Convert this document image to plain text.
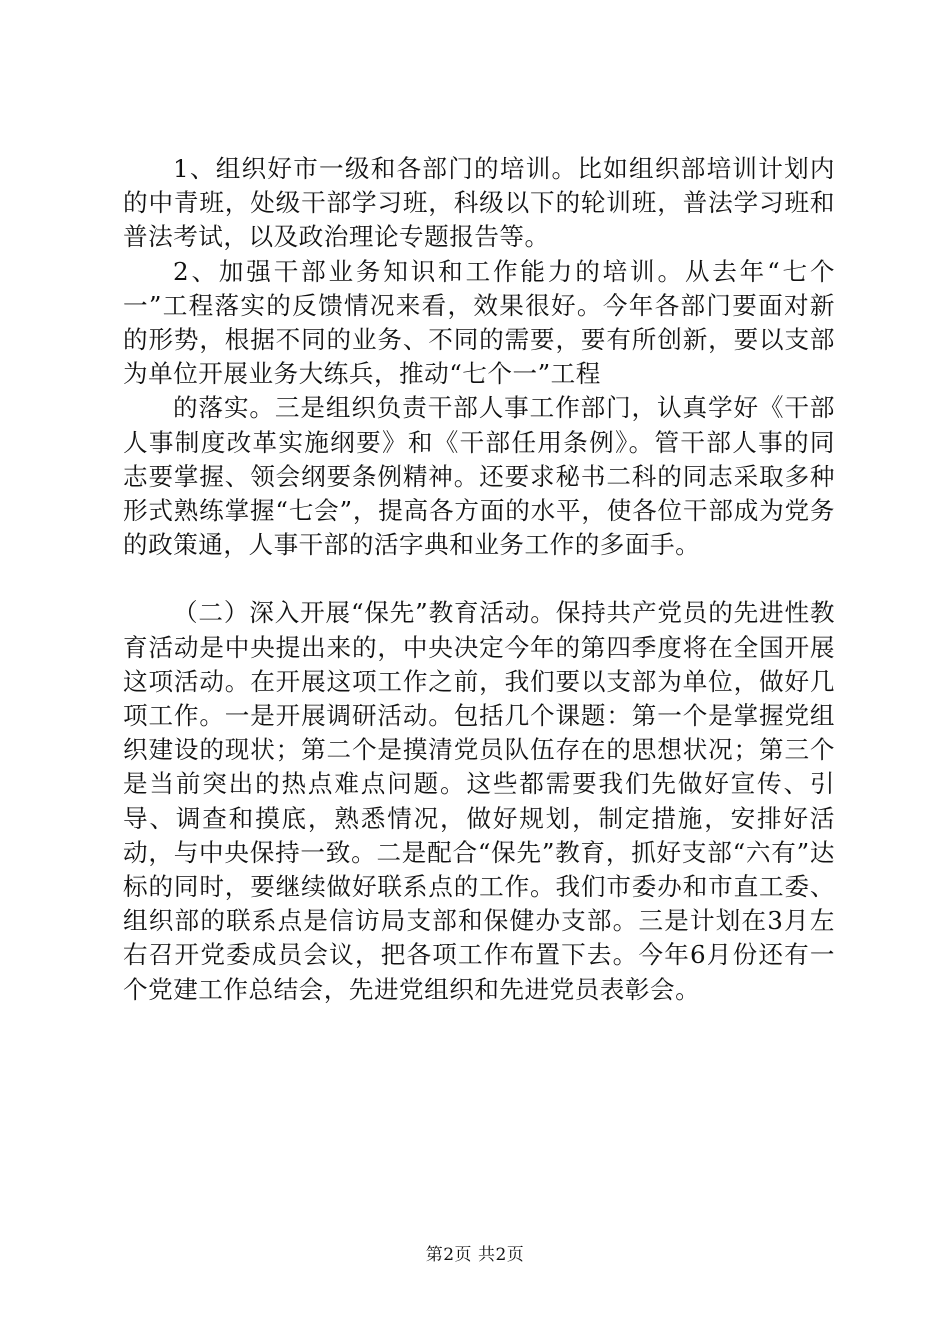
1、组织好市一级和各部门的培训。比如组织部培训计划内的中青班，处级干部学习班，科级以下的轮训班，普法学习班和普法考试，以及政治理论专题报告等。

2、加强干部业务知识和工作能力的培训。从去年“七个一”工程落实的反馈情况来看，效果很好。今年各部门要面对新的形势，根据不同的业务、不同的需要，要有所创新，要以支部为单位开展业务大练兵，推动“七个一”工程

的落实。三是组织负责干部人事工作部门，认真学好《干部人事制度改革实施纲要》和《干部任用条例》。管干部人事的同志要掌握、领会纲要条例精神。还要求秘书二科的同志采取多种形式熟练掌握“七会”，提高各方面的水平，使各位干部成为党务的政策通，人事干部的活字典和业务工作的多面手。

（二）深入开展“保先”教育活动。保持共产党员的先进性教育活动是中央提出来的，中央决定今年的第四季度将在全国开展这项活动。在开展这项工作之前，我们要以支部为单位，做好几项工作。一是开展调研活动。包括几个课题：第一个是掌握党组织建设的现状；第二个是摸清党员队伍存在的思想状况；第三个是当前突出的热点难点问题。这些都需要我们先做好宣传、引导、调查和摸底，熟悉情况，做好规划，制定措施，安排好活动，与中央保持一致。二是配合“保先”教育，抓好支部“六有”达标的同时，要继续做好联系点的工作。我们市委办和市直工委、组织部的联系点是信访局支部和保健办支部。三是计划在3月左右召开党委成员会议，把各项工作布置下去。今年6月份还有一个党建工作总结会，先进党组织和先进党员表彰会。

第2页 共2页
